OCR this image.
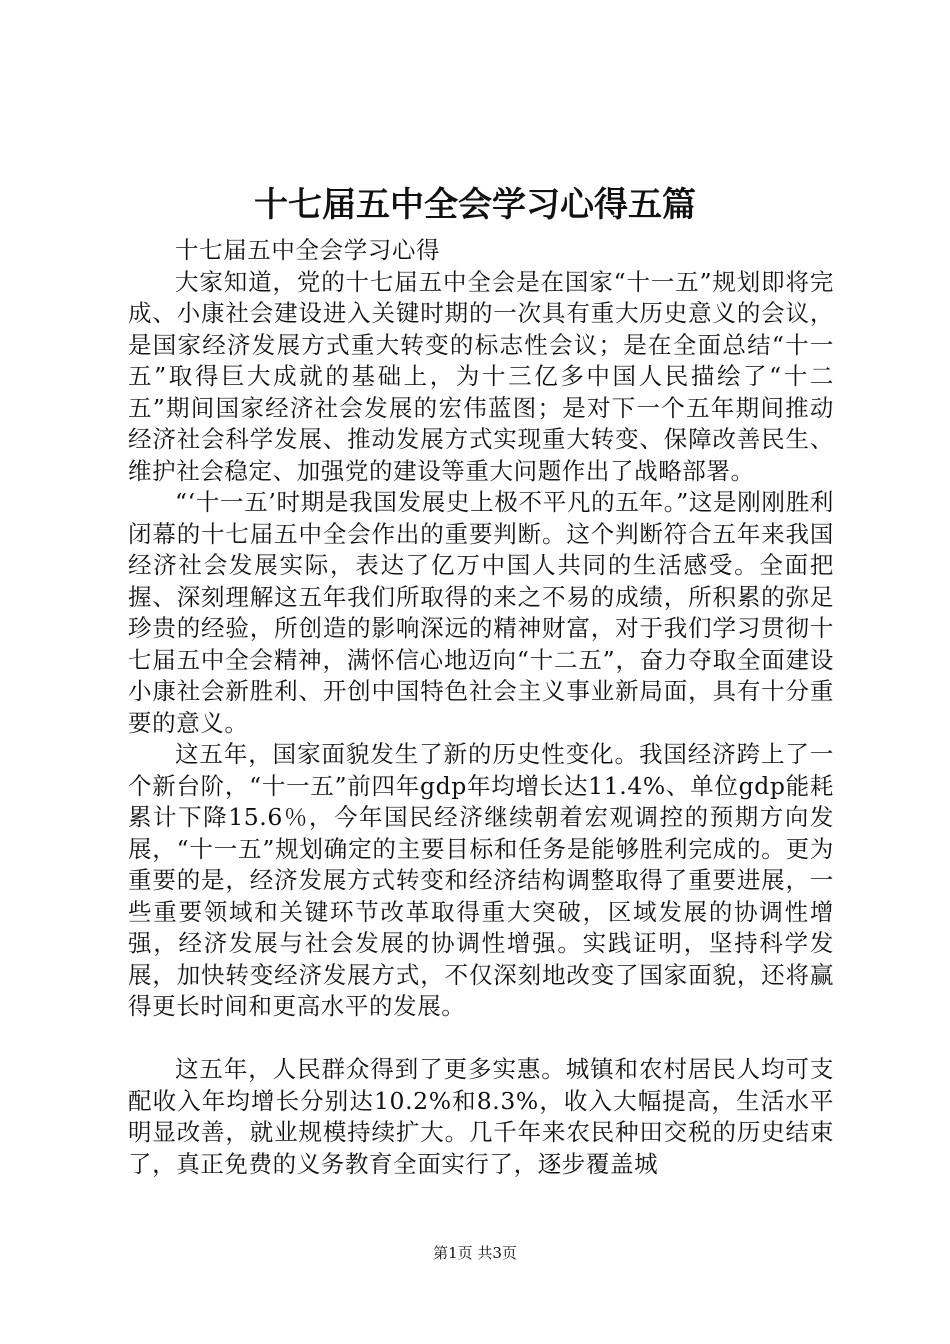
十七届五中全会学习心得五篇

十七届五中全会学习心得

大家知道，党的十七届五中全会是在国家“十一五”规划即将完成、小康社会建设进入关键时期的一次具有重大历史意义的会议，是国家经济发展方式重大转变的标志性会议；是在全面总结“十一五”取得巨大成就的基础上，为十三亿多中国人民描绘了“十二五”期间国家经济社会发展的宏伟蓝图；是对下一个五年期间推动经济社会科学发展、推动发展方式实现重大转变、保障改善民生、维护社会稳定、加强党的建设等重大问题作出了战略部署。

“‘十一五’时期是我国发展史上极不平凡的五年。”这是刚刚胜利闭幕的十七届五中全会作出的重要判断。这个判断符合五年来我国经济社会发展实际，表达了亿万中国人共同的生活感受。全面把握、深刻理解这五年我们所取得的来之不易的成绩，所积累的弥足珍贵的经验，所创造的影响深远的精神财富，对于我们学习贯彻十七届五中全会精神，满怀信心地迈向“十二五”，奋力夺取全面建设小康社会新胜利、开创中国特色社会主义事业新局面，具有十分重要的意义。

这五年，国家面貌发生了新的历史性变化。我国经济跨上了一个新台阶，“十一五”前四年gdp年均增长达11.4%、单位gdp能耗累计下降15.6％，今年国民经济继续朝着宏观调控的预期方向发展，“十一五”规划确定的主要目标和任务是能够胜利完成的。更为重要的是，经济发展方式转变和经济结构调整取得了重要进展，一些重要领域和关键环节改革取得重大突破，区域发展的协调性增强，经济发展与社会发展的协调性增强。实践证明，坚持科学发展，加快转变经济发展方式，不仅深刻地改变了国家面貌，还将赢得更长时间和更高水平的发展。

这五年，人民群众得到了更多实惠。城镇和农村居民人均可支配收入年均增长分别达10.2%和8.3%，收入大幅提高，生活水平明显改善，就业规模持续扩大。几千年来农民种田交税的历史结束了，真正免费的义务教育全面实行了，逐步覆盖城

第1页 共3页
